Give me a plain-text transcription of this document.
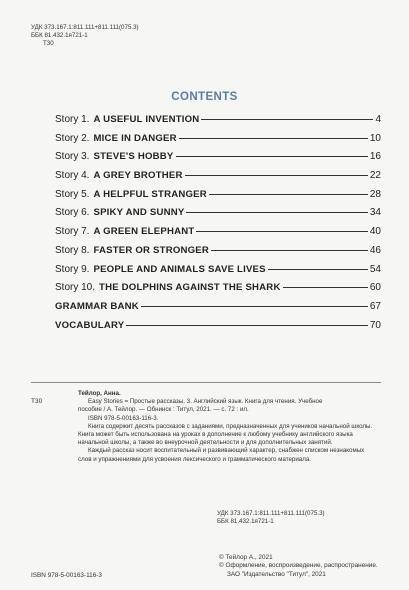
УДК 373.167.1:811.111+811.111(075.3)
ББК 81.432.1я721-1
Т30
CONTENTS
Story 1. A USEFUL INVENTION	4
Story 2. MICE IN DANGER	10
Story 3. STEVE'S HOBBY	16
Story 4. A GREY BROTHER	22
Story 5. A HELPFUL STRANGER	28
Story 6. SPIKY AND SUNNY	34
Story 7. A GREEN ELEPHANT	40
Story 8. FASTER OR STRONGER	46
Story 9. PEOPLE AND ANIMALS SAVE LIVES	54
Story 10. THE DOLPHINS AGAINST THE SHARK	60
GRAMMAR BANK	67
VOCABULARY	70
Т30

Тейлор, Анна.

Easy Stories = Простые рассказы. 3. Английский язык. Книга для чтения. Учебное

пособие / А. Тейлор. — Обнинск : Титул, 2021. — с. 72 : ил.

ISBN 978-5-00163-116-3.

Книга содержит десять рассказов с заданиями, предназначенных для учеников начальной школы. Книга может быть использована на уроках в дополнение к любому учебнику английского языка начальной школы, а также во внеурочной деятельности и для дополнительных занятий.

Каждый рассказ носит воспитательный и развивающий характер, снабжен списком незнакомых слов и упражнениями для усвоения лексического и грамматического материала.

УДК 373.167.1:811.111+811.111(075.3)
ББК 81.432.1я721-1
© Тейлор А., 2021
© Оформление, воспроизведение, распространение.
ЗАО "Издательство "Титул", 2021
ISBN 978-5-00163-116-3
